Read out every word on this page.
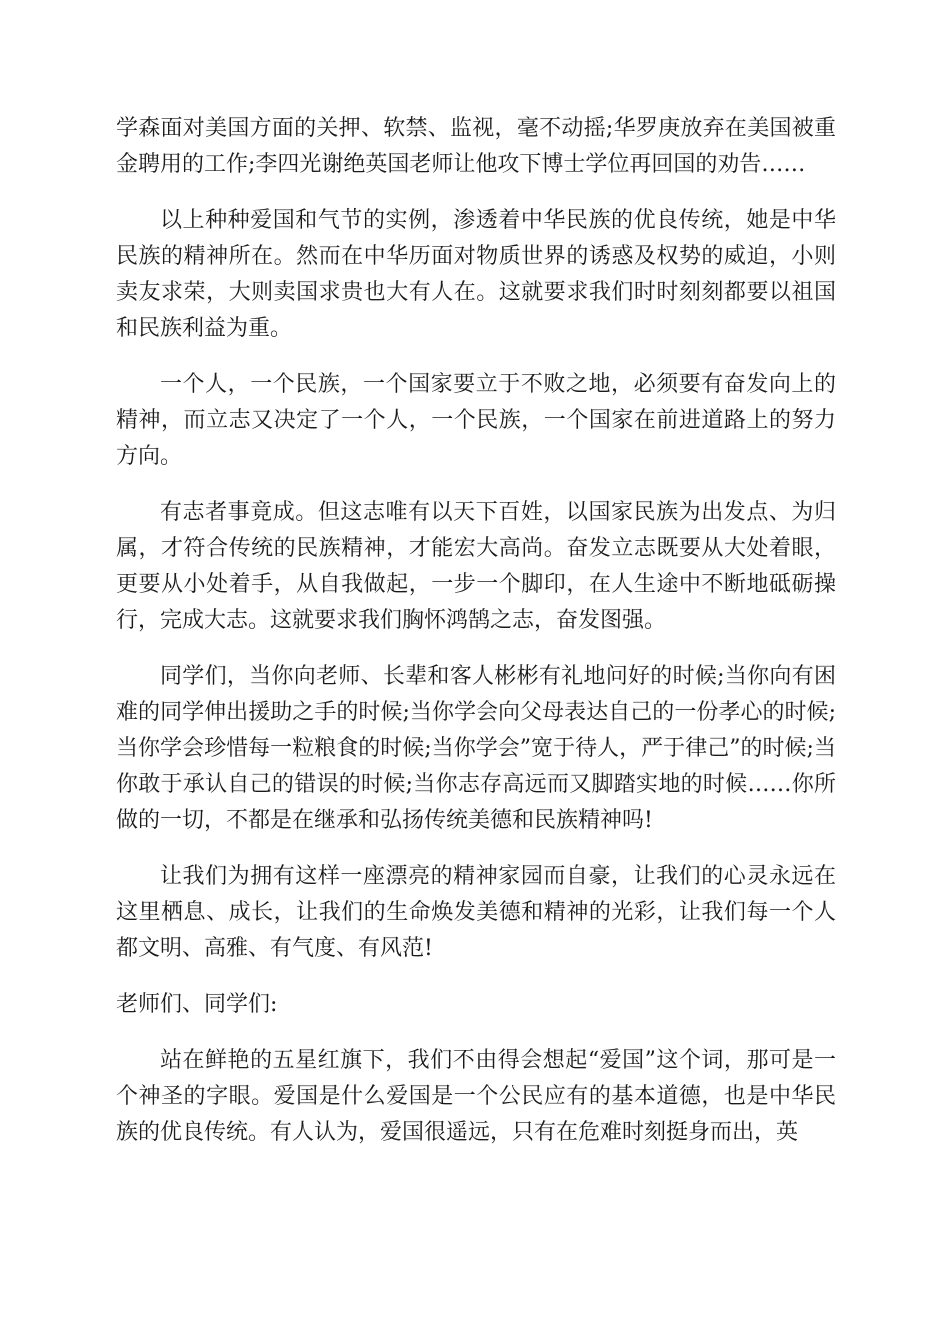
学森面对美国方面的关押、软禁、监视，毫不动摇;华罗庚放弃在美国被重金聘用的工作;李四光谢绝英国老师让他攻下博士学位再回国的劝告……

以上种种爱国和气节的实例，渗透着中华民族的优良传统，她是中华民族的精神所在。然而在中华历面对物质世界的诱惑及权势的威迫，小则卖友求荣，大则卖国求贵也大有人在。这就要求我们时时刻刻都要以祖国和民族利益为重。

一个人，一个民族，一个国家要立于不败之地，必须要有奋发向上的精神，而立志又决定了一个人，一个民族，一个国家在前进道路上的努力方向。

有志者事竟成。但这志唯有以天下百姓，以国家民族为出发点、为归属，才符合传统的民族精神，才能宏大高尚。奋发立志既要从大处着眼，更要从小处着手，从自我做起，一步一个脚印，在人生途中不断地砥砺操行，完成大志。这就要求我们胸怀鸿鹄之志，奋发图强。

同学们，当你向老师、长辈和客人彬彬有礼地问好的时候;当你向有困难的同学伸出援助之手的时候;当你学会向父母表达自己的一份孝心的时候;当你学会珍惜每一粒粮食的时候;当你学会”宽于待人，严于律己”的时候;当你敢于承认自己的错误的时候;当你志存高远而又脚踏实地的时候……你所做的一切，不都是在继承和弘扬传统美德和民族精神吗!

让我们为拥有这样一座漂亮的精神家园而自豪，让我们的心灵永远在这里栖息、成长，让我们的生命焕发美德和精神的光彩，让我们每一个人都文明、高雅、有气度、有风范!

老师们、同学们:

站在鲜艳的五星红旗下，我们不由得会想起“爱国”这个词，那可是一个神圣的字眼。爱国是什么爱国是一个公民应有的基本道德，也是中华民族的优良传统。有人认为，爱国很遥远，只有在危难时刻挺身而出，英
